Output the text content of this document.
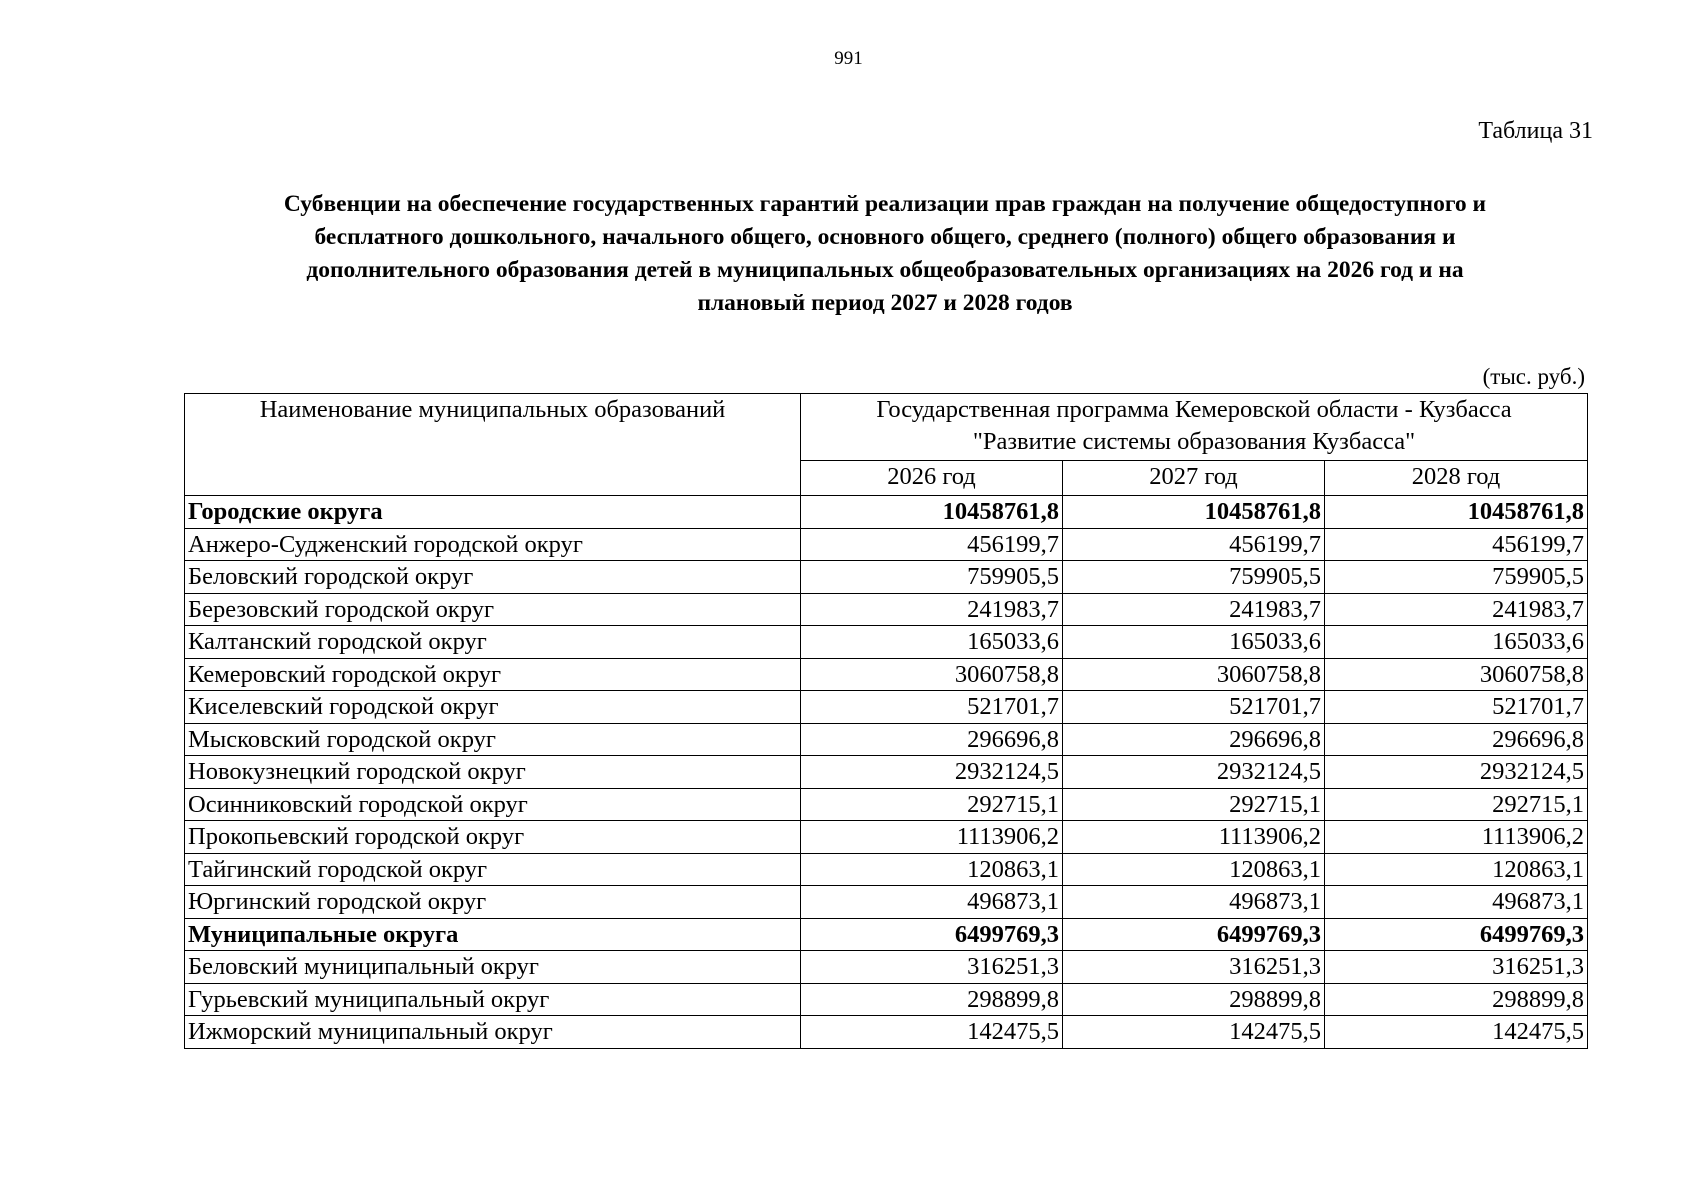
991
Таблица 31
Субвенции на обеспечение государственных гарантий реализации прав граждан на получение общедоступного и
бесплатного дошкольного, начального общего, основного общего, среднего (полного) общего образования и
дополнительного образования детей в муниципальных общеобразовательных организациях на 2026 год и на
плановый период 2027 и 2028 годов
(тыс. руб.)
Наименование муниципальных образований	Государственная программа Кемеровской области - Кузбасса
"Развитие системы образования Кузбасса"		

	2026 год	2027 год	2028 год
Городские округа	10458761,8	10458761,8	10458761,8
Анжеро-Судженский городской округ	456199,7	456199,7	456199,7
Беловский городской округ	759905,5	759905,5	759905,5
Березовский городской округ	241983,7	241983,7	241983,7
Калтанский городской округ	165033,6	165033,6	165033,6
Кемеровский городской округ	3060758,8	3060758,8	3060758,8
Киселевский городской округ	521701,7	521701,7	521701,7
Мысковский городской округ	296696,8	296696,8	296696,8
Новокузнецкий городской округ	2932124,5	2932124,5	2932124,5
Осинниковский городской округ	292715,1	292715,1	292715,1
Прокопьевский городской округ	1113906,2	1113906,2	1113906,2
Тайгинский городской округ	120863,1	120863,1	120863,1
Юргинский городской округ	496873,1	496873,1	496873,1
Муниципальные округа	6499769,3	6499769,3	6499769,3
Беловский муниципальный округ	316251,3	316251,3	316251,3
Гурьевский муниципальный округ	298899,8	298899,8	298899,8
Ижморский муниципальный округ	142475,5	142475,5	142475,5
